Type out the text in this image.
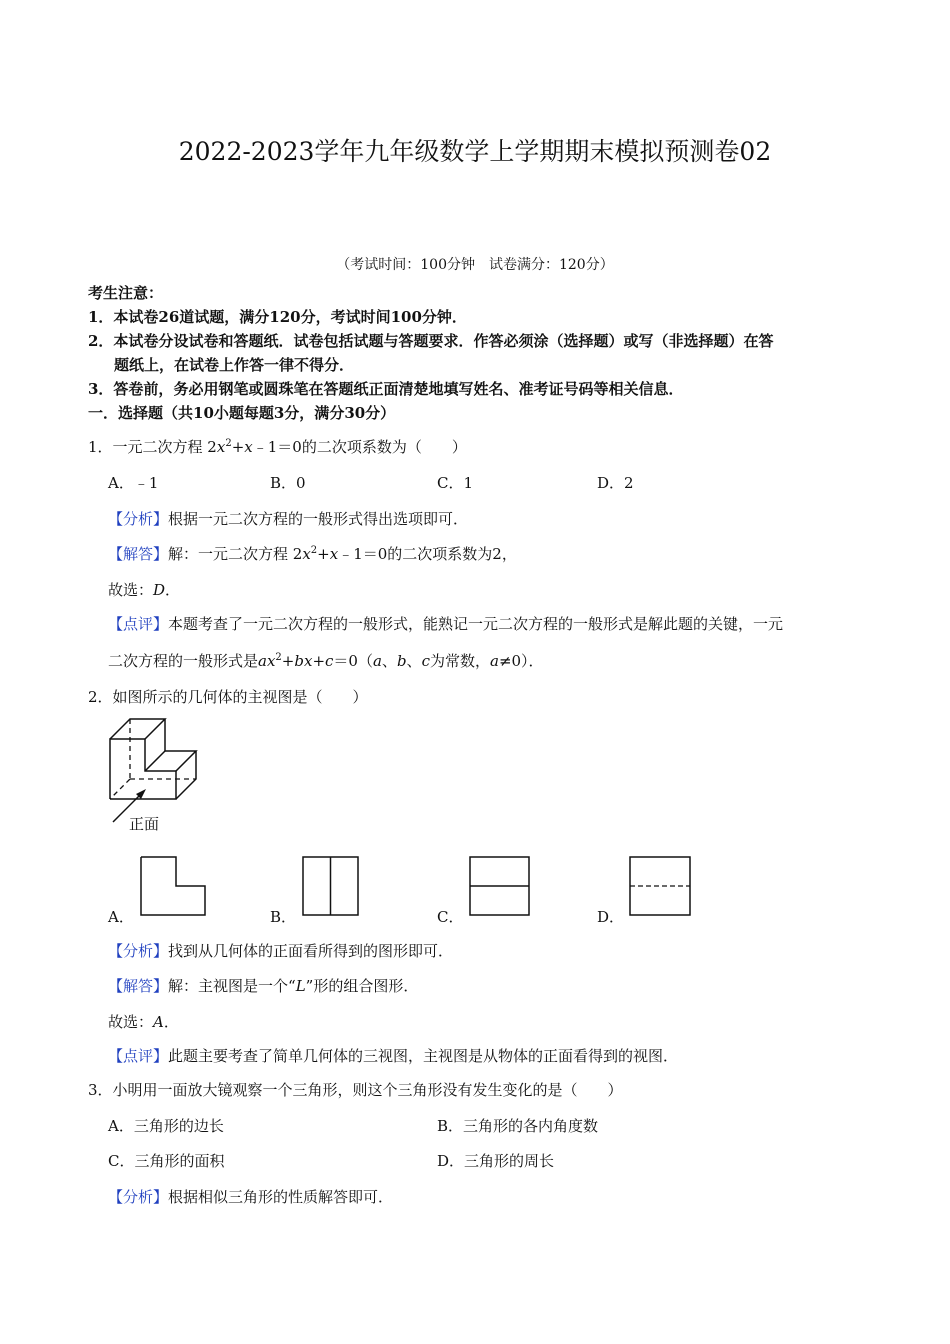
2022-2023学年九年级数学上学期期末模拟预测卷02
（考试时间：100分钟　试卷满分：120分）
考生注意：
1．本试卷26道试题，满分120分，考试时间100分钟．
2．本试卷分设试卷和答题纸．试卷包括试题与答题要求．作答必须涂（选择题）或写（非选择题）在答
题纸上，在试卷上作答一律不得分．
3．答卷前，务必用钢笔或圆珠笔在答题纸正面清楚地填写姓名、准考证号码等相关信息．
一．选择题（共10小题每题3分，满分30分）
1．一元二次方程 $2x^2+x﹣1=0$的二次项系数为（　　）
A．﹣1	B．0	C．1	D．2
【分析】根据一元二次方程的一般形式得出选项即可．
【解答】解：一元二次方程 $2x^2+x﹣1=0$的二次项系数为2，
故选：D．
【点评】本题考查了一元二次方程的一般形式，能熟记一元二次方程的一般形式是解此题的关键，一元
二次方程的一般形式是$ax^2+bx+c=0(a$、b、c为常数，a≠0）．
2．如图所示的几何体的主视图是（　　）
正面
A．	B．	C．	D．
【分析】找到从几何体的正面看所得到的图形即可．
【解答】解：主视图是一个“L”形的组合图形．
故选：A．
【点评】此题主要考查了简单几何体的三视图，主视图是从物体的正面看得到的视图．
3．小明用一面放大镜观察一个三角形，则这个三角形没有发生变化的是（　　）
A．三角形的边长	B．三角形的各内角度数
C．三角形的面积	D．三角形的周长
【分析】根据相似三角形的性质解答即可．
